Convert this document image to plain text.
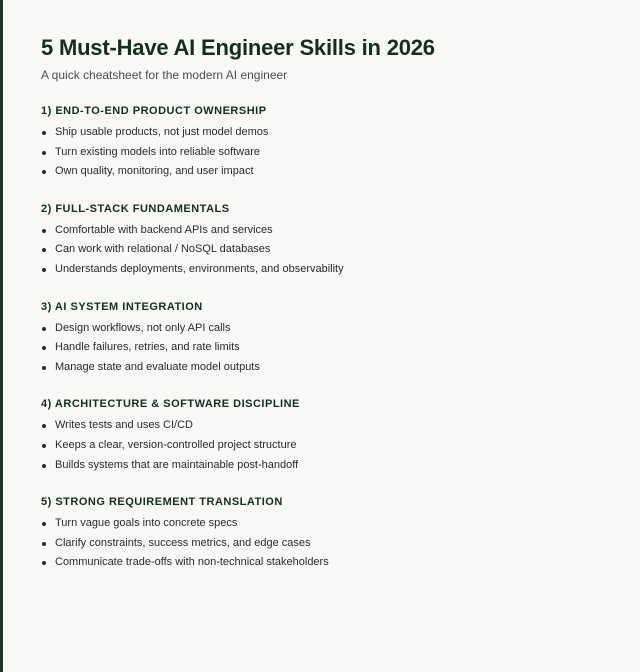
5 Must-Have AI Engineer Skills in 2026

A quick cheatsheet for the modern AI engineer

1) END-TO-END PRODUCT OWNERSHIP
Ship usable products, not just model demos
Turn existing models into reliable software
Own quality, monitoring, and user impact
2) FULL-STACK FUNDAMENTALS
Comfortable with backend APIs and services
Can work with relational / NoSQL databases
Understands deployments, environments, and observability
3) AI SYSTEM INTEGRATION
Design workflows, not only API calls
Handle failures, retries, and rate limits
Manage state and evaluate model outputs
4) ARCHITECTURE & SOFTWARE DISCIPLINE
Writes tests and uses CI/CD
Keeps a clear, version-controlled project structure
Builds systems that are maintainable post-handoff
5) STRONG REQUIREMENT TRANSLATION
Turn vague goals into concrete specs
Clarify constraints, success metrics, and edge cases
Communicate trade-offs with non-technical stakeholders
